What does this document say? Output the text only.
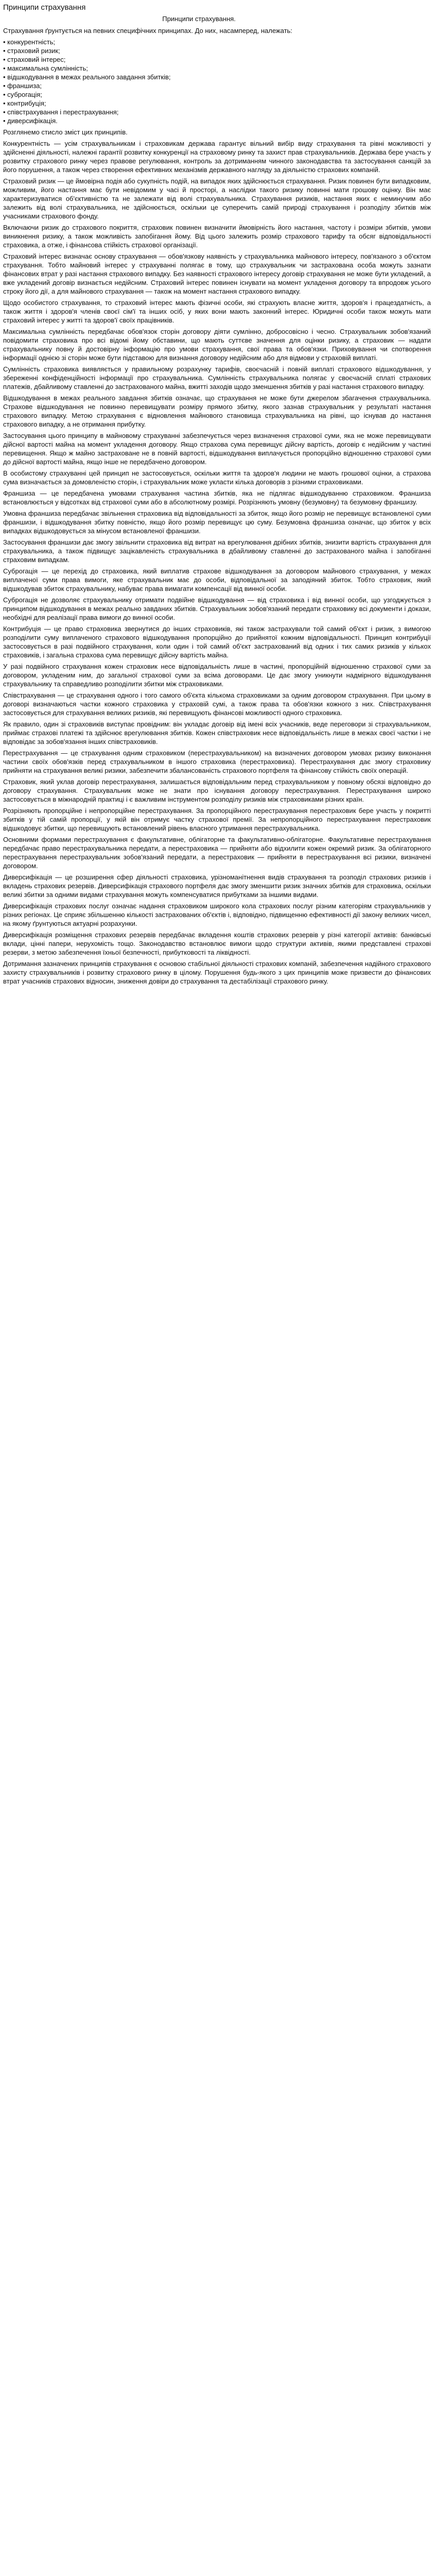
Принципи страхування
Принципи страхування.

Страхування ґрунтується на певних специфічних принципах. До них, насамперед, належать:

• конкурентність;
• страховий ризик;
• страховий інтерес;
• максимальна сумлінність;
• відшкодування в межах реального завдання збитків;
• франшиза;
• суброгація;
• контрибуція;
• співстрахування і перестрахування;
• диверсифікація.

Розглянемо стисло зміст цих принципів.

Конкурентність — усім страхувальникам і страховикам держава гарантує вільний вибір виду страхування та рівні можливості у здійсненні діяльності, належні гарантії розвитку конкуренції на страховому ринку та захист прав страхувальників. Держава бере участь у розвитку страхового ринку через правове регулювання, контроль за дотриманням чинного законодавства та застосування санкцій за його порушення, а також через створення ефективних механізмів державного нагляду за діяльністю страхових компаній.

Страховий ризик — це ймовірна подія або сукупність подій, на випадок яких здійснюється страхування. Ризик повинен бути випадковим, можливим, його настання має бути невідомим у часі й просторі, а наслідки такого ризику повинні мати грошову оцінку. Він має характеризуватися об'єктивністю та не залежати від волі страхувальника. Страхування ризиків, настання яких є неминучим або залежить від волі страхувальника, не здійснюється, оскільки це суперечить самій природі страхування і розподілу збитків між учасниками страхового фонду.

Включаючи ризик до страхового покриття, страховик повинен визначити ймовірність його настання, частоту і розміри збитків, умови виникнення ризику, а також можливість запобігання йому. Від цього залежить розмір страхового тарифу та обсяг відповідальності страховика, а отже, і фінансова стійкість страхової організації.

Страховий інтерес визначає основу страхування — обов'язкову наявність у страхувальника майнового інтересу, пов'язаного з об'єктом страхування. Тобто майновий інтерес у страхуванні полягає в тому, що страхувальник чи застрахована особа можуть зазнати фінансових втрат у разі настання страхового випадку. Без наявності страхового інтересу договір страхування не може бути укладений, а вже укладений договір визнається недійсним. Страховий інтерес повинен існувати на момент укладення договору та впродовж усього строку його дії, а для майнового страхування — також на момент настання страхового випадку.

Щодо особистого страхування, то страховий інтерес мають фізичні особи, які страхують власне життя, здоров'я і працездатність, а також життя і здоров'я членів своєї сім'ї та інших осіб, у яких вони мають законний інтерес. Юридичні особи також можуть мати страховий інтерес у житті та здоров'ї своїх працівників.

Максимальна сумлінність передбачає обов'язок сторін договору діяти сумлінно, добросовісно і чесно. Страхувальник зобов'язаний повідомити страховика про всі відомі йому обставини, що мають суттєве значення для оцінки ризику, а страховик — надати страхувальнику повну й достовірну інформацію про умови страхування, свої права та обов'язки. Приховування чи спотворення інформації однією зі сторін може бути підставою для визнання договору недійсним або для відмови у страховій виплаті.

Сумлінність страховика виявляється у правильному розрахунку тарифів, своєчасній і повній виплаті страхового відшкодування, у збереженні конфіденційності інформації про страхувальника. Сумлінність страхувальника полягає у своєчасній сплаті страхових платежів, дбайливому ставленні до застрахованого майна, вжитті заходів щодо зменшення збитків у разі настання страхового випадку.

Відшкодування в межах реального завдання збитків означає, що страхування не може бути джерелом збагачення страхувальника. Страхове відшкодування не повинно перевищувати розміру прямого збитку, якого зазнав страхувальник у результаті настання страхового випадку. Метою страхування є відновлення майнового становища страхувальника на рівні, що існував до настання страхового випадку, а не отримання прибутку.

Застосування цього принципу в майновому страхуванні забезпечується через визначення страхової суми, яка не може перевищувати дійсної вартості майна на момент укладення договору. Якщо страхова сума перевищує дійсну вартість, договір є недійсним у частині перевищення. Якщо ж майно застраховане не в повній вартості, відшкодування виплачується пропорційно відношенню страхової суми до дійсної вартості майна, якщо інше не передбачено договором.

В особистому страхуванні цей принцип не застосовується, оскільки життя та здоров'я людини не мають грошової оцінки, а страхова сума визначається за домовленістю сторін, і страхувальник може укласти кілька договорів з різними страховиками.

Франшиза — це передбачена умовами страхування частина збитків, яка не підлягає відшкодуванню страховиком. Франшиза встановлюється у відсотках від страхової суми або в абсолютному розмірі. Розрізняють умовну (безумовну) та безумовну франшизу.

Умовна франшиза передбачає звільнення страховика від відповідальності за збиток, якщо його розмір не перевищує встановленої суми франшизи, і відшкодування збитку повністю, якщо його розмір перевищує цю суму. Безумовна франшиза означає, що збиток у всіх випадках відшкодовується за мінусом встановленої франшизи.

Застосування франшизи дає змогу звільнити страховика від витрат на врегулювання дрібних збитків, знизити вартість страхування для страхувальника, а також підвищує зацікавленість страхувальника в дбайливому ставленні до застрахованого майна і запобіганні страховим випадкам.

Суброгація — це перехід до страховика, який виплатив страхове відшкодування за договором майнового страхування, у межах виплаченої суми права вимоги, яке страхувальник має до особи, відповідальної за заподіяний збиток. Тобто страховик, який відшкодував збиток страхувальнику, набуває права вимагати компенсації від винної особи.

Суброгація не дозволяє страхувальнику отримати подвійне відшкодування — від страховика і від винної особи, що узгоджується з принципом відшкодування в межах реально завданих збитків. Страхувальник зобов'язаний передати страховику всі документи і докази, необхідні для реалізації права вимоги до винної особи.

Контрибуція — це право страховика звернутися до інших страховиків, які також застрахували той самий об'єкт і ризик, з вимогою розподілити суму виплаченого страхового відшкодування пропорційно до прийнятої кожним відповідальності. Принцип контрибуції застосовується в разі подвійного страхування, коли один і той самий об'єкт застрахований від одних і тих самих ризиків у кількох страховиків, і загальна страхова сума перевищує дійсну вартість майна.

У разі подвійного страхування кожен страховик несе відповідальність лише в частині, пропорційній відношенню страхової суми за договором, укладеним ним, до загальної страхової суми за всіма договорами. Це дає змогу уникнути надмірного відшкодування страхувальнику та справедливо розподілити збитки між страховиками.

Співстрахування — це страхування одного і того самого об'єкта кількома страховиками за одним договором страхування. При цьому в договорі визначаються частки кожного страховика у страховій сумі, а також права та обов'язки кожного з них. Співстрахування застосовується для страхування великих ризиків, які перевищують фінансові можливості одного страховика.

Як правило, один зі страховиків виступає провідним: він укладає договір від імені всіх учасників, веде переговори зі страхувальником, приймає страхові платежі та здійснює врегулювання збитків. Кожен співстраховик несе відповідальність лише в межах своєї частки і не відповідає за зобов'язання інших співстраховиків.

Перестрахування — це страхування одним страховиком (перестрахувальником) на визначених договором умовах ризику виконання частини своїх обов'язків перед страхувальником в іншого страховика (перестраховика). Перестрахування дає змогу страховику прийняти на страхування великі ризики, забезпечити збалансованість страхового портфеля та фінансову стійкість своїх операцій.

Страховик, який уклав договір перестрахування, залишається відповідальним перед страхувальником у повному обсязі відповідно до договору страхування. Страхувальник може не знати про існування договору перестрахування. Перестрахування широко застосовується в міжнародній практиці і є важливим інструментом розподілу ризиків між страховиками різних країн.

Розрізняють пропорційне і непропорційне перестрахування. За пропорційного перестрахування перестраховик бере участь у покритті збитків у тій самій пропорції, у якій він отримує частку страхової премії. За непропорційного перестрахування перестраховик відшкодовує збитки, що перевищують встановлений рівень власного утримання перестрахувальника.

Основними формами перестрахування є факультативне, облігаторне та факультативно-облігаторне. Факультативне перестрахування передбачає право перестрахувальника передати, а перестраховика — прийняти або відхилити кожен окремий ризик. За облігаторного перестрахування перестрахувальник зобов'язаний передати, а перестраховик — прийняти в перестрахування всі ризики, визначені договором.

Диверсифікація — це розширення сфер діяльності страховика, урізноманітнення видів страхування та розподіл страхових ризиків і вкладень страхових резервів. Диверсифікація страхового портфеля дає змогу зменшити ризик значних збитків для страховика, оскільки великі збитки за одними видами страхування можуть компенсуватися прибутками за іншими видами.

Диверсифікація страхових послуг означає надання страховиком широкого кола страхових послуг різним категоріям страхувальників у різних регіонах. Це сприяє збільшенню кількості застрахованих об'єктів і, відповідно, підвищенню ефективності дії закону великих чисел, на якому ґрунтуються актуарні розрахунки.

Диверсифікація розміщення страхових резервів передбачає вкладення коштів страхових резервів у різні категорії активів: банківські вклади, цінні папери, нерухомість тощо. Законодавство встановлює вимоги щодо структури активів, якими представлені страхові резерви, з метою забезпечення їхньої безпечності, прибутковості та ліквідності.

Дотримання зазначених принципів страхування є основою стабільної діяльності страхових компаній, забезпечення надійного страхового захисту страхувальників і розвитку страхового ринку в цілому. Порушення будь-якого з цих принципів може призвести до фінансових втрат учасників страхових відносин, зниження довіри до страхування та дестабілізації страхового ринку.
